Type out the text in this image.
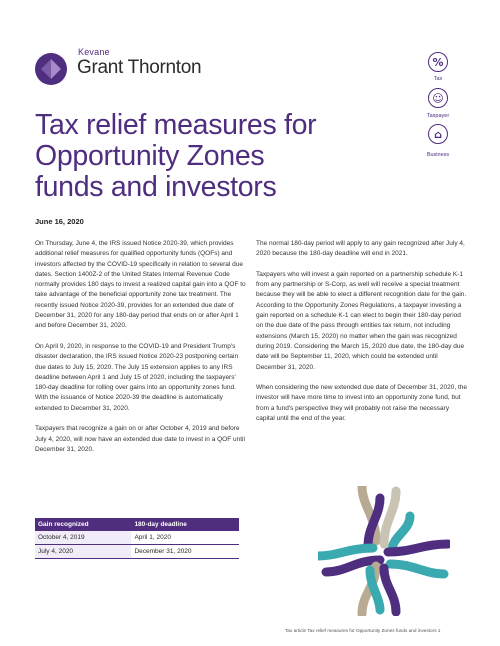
Kevane
Grant Thornton	%
Tax
☺
Taxpayer
⌂
Business
Tax relief measures for Opportunity Zones funds and investors
June 16, 2020

On Thursday, June 4, the IRS issued Notice 2020-39, which provides additional relief measures for qualified opportunity funds (QOFs) and investors affected by the COVID-19 specifically in relation to several due dates. Section 1400Z-2 of the United States Internal Revenue Code normally provides 180 days to invest a realized capital gain into a QOF to take advantage of the beneficial opportunity zone tax treatment. The recently issued Notice 2020-39, provides for an extended due date of December 31, 2020 for any 180-day period that ends on or after April 1 and before December 31, 2020.

On April 9, 2020, in response to the COVID-19 and President Trump's disaster declaration, the IRS issued Notice 2020-23 postponing certain due dates to July 15, 2020. The July 15 extension applies to any IRS deadline between April 1 and July 15 of 2020, including the taxpayers' 180-day deadline for rolling over gains into an opportunity zones fund. With the issuance of Notice 2020-39 the deadline is automatically extended to December 31, 2020.

Taxpayers that recognize a gain on or after October 4, 2019 and before July 4, 2020, will now have an extended due date to invest in a QOF until December 31, 2020.

The normal 180-day period will apply to any gain recognized after July 4, 2020 because the 180-day deadline will end in 2021.

Taxpayers who will invest a gain reported on a partnership schedule K-1 from any partnership or S-Corp, as well will receive a special treatment because they will be able to elect a different recognition date for the gain. According to the Opportunity Zones Regulations, a taxpayer investing a gain reported on a schedule K-1 can elect to begin their 180-day period on the due date of the pass through entities tax return, not including extensions (March 15, 2020) no matter when the gain was recognized during 2019. Considering the March 15, 2020 due date, the 180-day due date will be September 11, 2020, which could be extended until December 31, 2020.

When considering the new extended due date of December 31, 2020, the investor will have more time to invest into an opportunity zone fund, but from a fund's perspective they will probably not raise the necessary capital until the end of the year.

Gain recognized	180-day deadline
October 4, 2019	April 1, 2020
July 4, 2020	December 31, 2020
Tax article Tax relief measures for Opportunity Zones funds and investors 1
